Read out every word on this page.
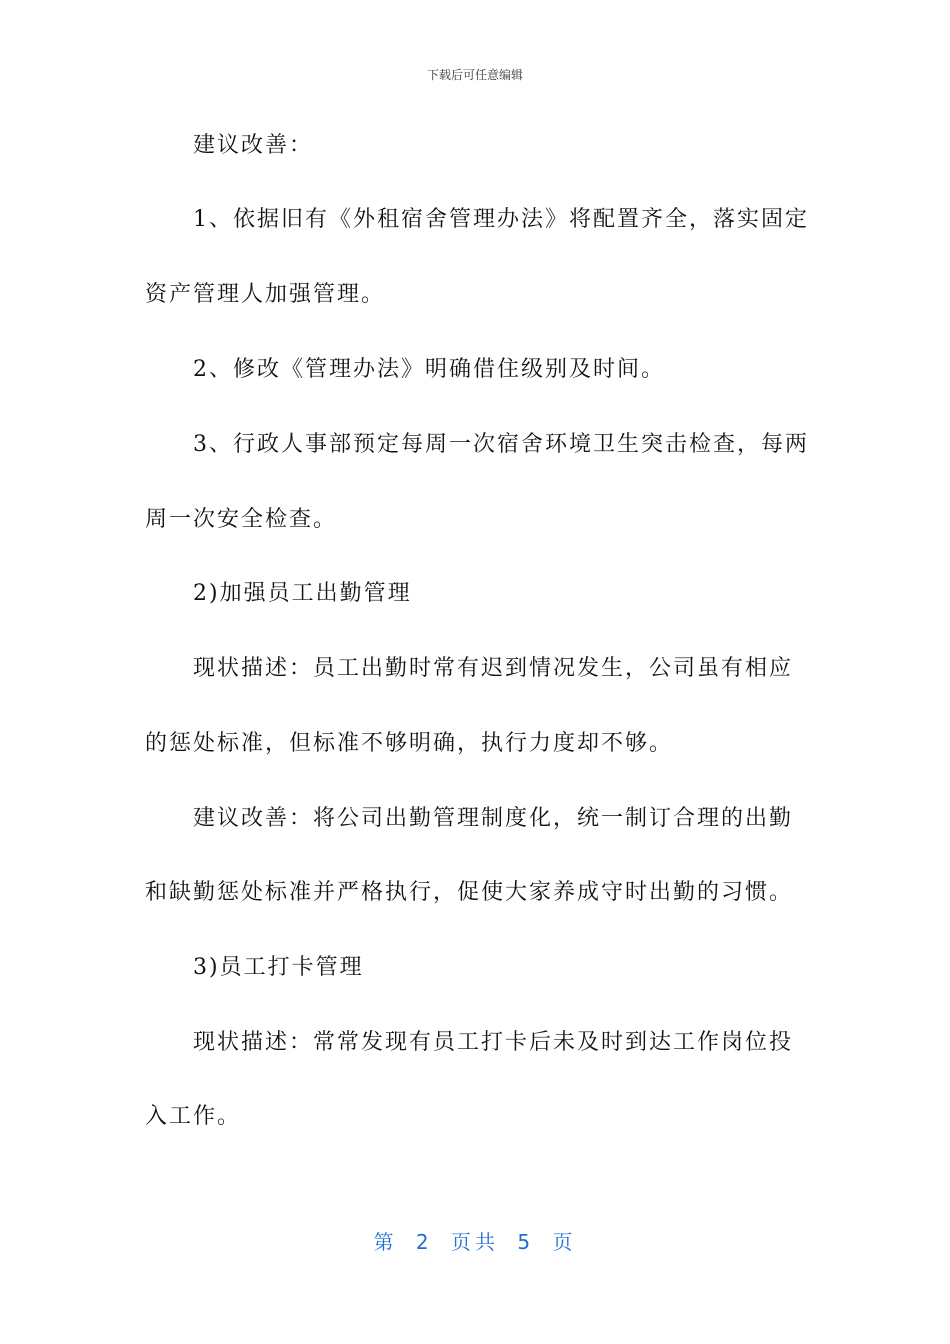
下载后可任意编辑
建议改善：
1、依据旧有《外租宿舍管理办法》将配置齐全，落实固定
资产管理人加强管理。
2、修改《管理办法》明确借住级别及时间。
3、行政人事部预定每周一次宿舍环境卫生突击检查，每两
周一次安全检查。
2)加强员工出勤管理
现状描述：员工出勤时常有迟到情况发生，公司虽有相应
的惩处标准，但标准不够明确，执行力度却不够。
建议改善：将公司出勤管理制度化，统一制订合理的出勤
和缺勤惩处标准并严格执行，促使大家养成守时出勤的习惯。
3)员工打卡管理
现状描述：常常发现有员工打卡后未及时到达工作岗位投
入工作。
第 2 页共 5 页
